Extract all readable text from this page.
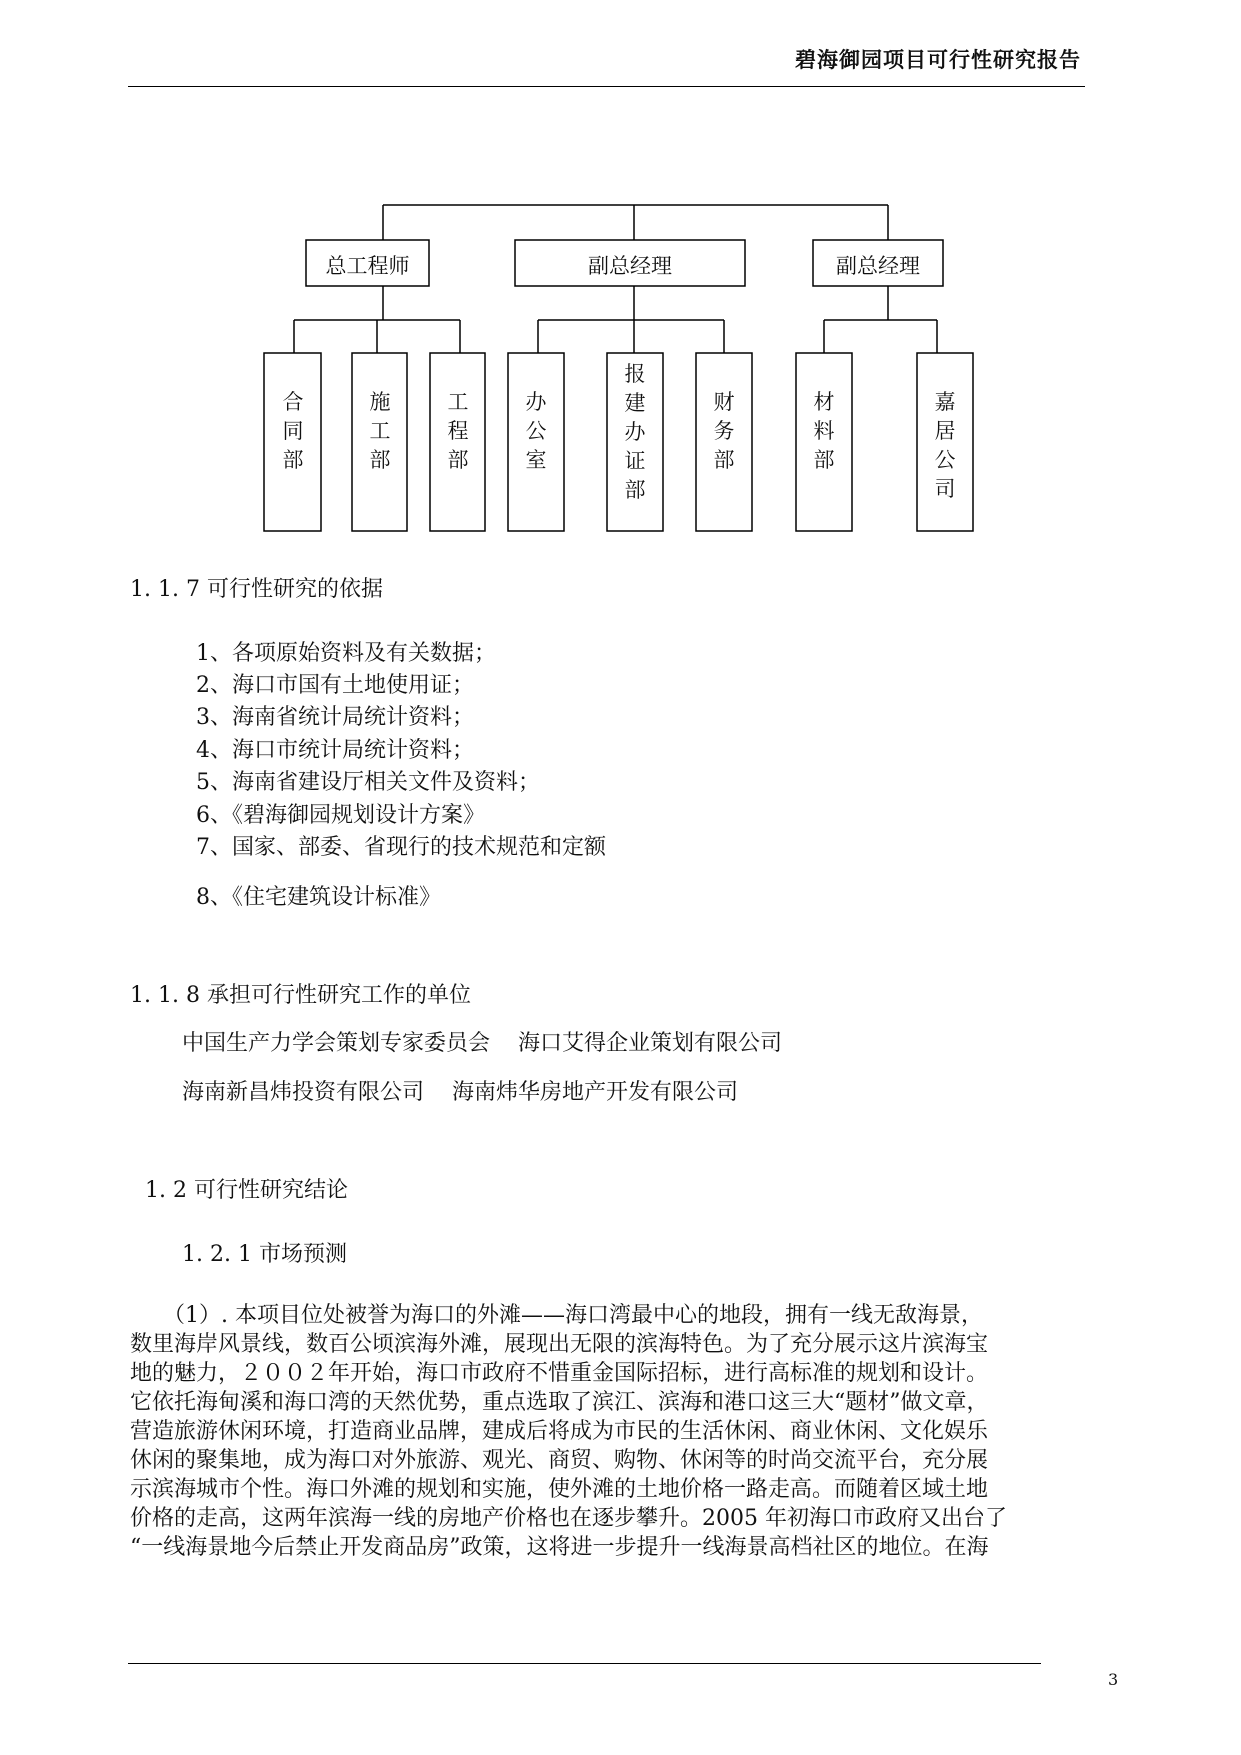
碧海御园项目可行性研究报告
总工程师	副总经理	副总经理
合同部
施工部
工程部
办公室
报建办证部
财务部
材料部
嘉居公司
1. 1. 7 可行性研究的依据
1、各项原始资料及有关数据；
2、海口市国有土地使用证；
3、海南省统计局统计资料；
4、海口市统计局统计资料；
5、海南省建设厅相关文件及资料；
6、《碧海御园规划设计方案》
7、国家、部委、省现行的技术规范和定额
8、《住宅建筑设计标准》
1. 1. 8 承担可行性研究工作的单位
中国生产力学会策划专家委员会    海口艾得企业策划有限公司
海南新昌炜投资有限公司    海南炜华房地产开发有限公司
1. 2 可行性研究结论
1. 2. 1 市场预测

　　（1）. 本项目位处被誉为海口的外滩——海口湾最中心的地段，拥有一线无敌海景，

数里海岸风景线，数百公顷滨海外滩，展现出无限的滨海特色。为了充分展示这片滨海宝

地的魅力，２００２年开始，海口市政府不惜重金国际招标，进行高标准的规划和设计。

它依托海甸溪和海口湾的天然优势，重点选取了滨江、滨海和港口这三大“题材”做文章，

营造旅游休闲环境，打造商业品牌，建成后将成为市民的生活休闲、商业休闲、文化娱乐

休闲的聚集地，成为海口对外旅游、观光、商贸、购物、休闲等的时尚交流平台，充分展

示滨海城市个性。海口外滩的规划和实施，使外滩的土地价格一路走高。而随着区域土地

价格的走高，这两年滨海一线的房地产价格也在逐步攀升。2005 年初海口市政府又出台了

“一线海景地今后禁止开发商品房”政策，这将进一步提升一线海景高档社区的地位。在海

3
